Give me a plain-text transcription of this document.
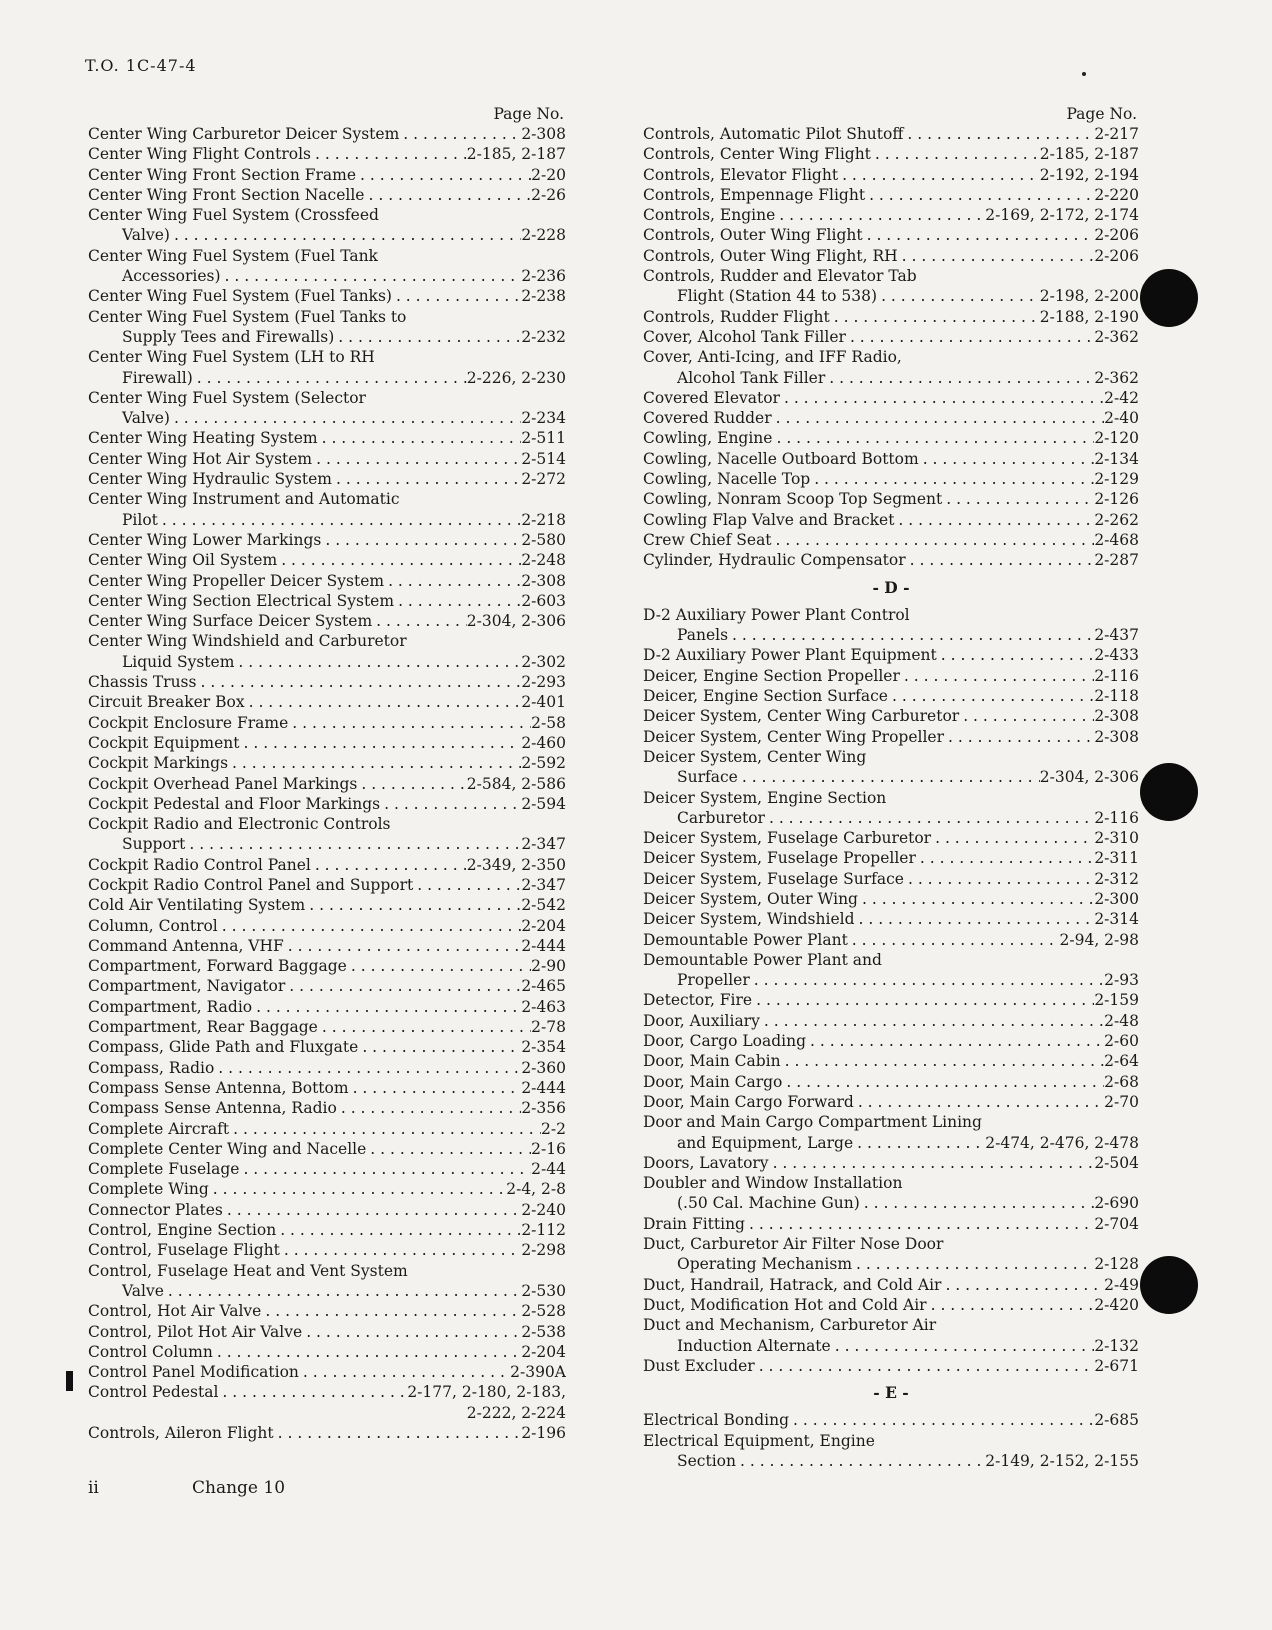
T.O. 1C-47-4
Page No.
Center Wing Carburetor Deicer System . . .	2-308
Center Wing Flight Controls . . .	2-185, 2-187
Center Wing Front Section Frame . . .	2-20
Center Wing Front Section Nacelle . . .	2-26
Center Wing Fuel System (Crossfeed
Valve) . . .	2-228
Center Wing Fuel System (Fuel Tank
Accessories) . . .	2-236
Center Wing Fuel System (Fuel Tanks) . . .	2-238
Center Wing Fuel System (Fuel Tanks to
Supply Tees and Firewalls) . . .	2-232
Center Wing Fuel System (LH to RH
Firewall) . . .	2-226, 2-230
Center Wing Fuel System (Selector
Valve) . . .	2-234
Center Wing Heating System . . .	2-511
Center Wing Hot Air System . . .	2-514
Center Wing Hydraulic System . . .	2-272
Center Wing Instrument and Automatic
Pilot . . .	2-218
Center Wing Lower Markings . . .	2-580
Center Wing Oil System . . .	2-248
Center Wing Propeller Deicer System . . .	2-308
Center Wing Section Electrical System . . .	2-603
Center Wing Surface Deicer System . . .	2-304, 2-306
Center Wing Windshield and Carburetor
Liquid System . . .	2-302
Chassis Truss . . .	2-293
Circuit Breaker Box . . .	2-401
Cockpit Enclosure Frame . . .	2-58
Cockpit Equipment . . .	2-460
Cockpit Markings . . .	2-592
Cockpit Overhead Panel Markings . . .	2-584, 2-586
Cockpit Pedestal and Floor Markings . . .	2-594
Cockpit Radio and Electronic Controls
Support . . .	2-347
Cockpit Radio Control Panel . . .	2-349, 2-350
Cockpit Radio Control Panel and Support . . .	2-347
Cold Air Ventilating System . . .	2-542
Column, Control . . .	2-204
Command Antenna, VHF . . .	2-444
Compartment, Forward Baggage . . .	2-90
Compartment, Navigator . . .	2-465
Compartment, Radio . . .	2-463
Compartment, Rear Baggage . . .	2-78
Compass, Glide Path and Fluxgate . . .	2-354
Compass, Radio . . .	2-360
Compass Sense Antenna, Bottom . . .	2-444
Compass Sense Antenna, Radio . . .	2-356
Complete Aircraft . . .	2-2
Complete Center Wing and Nacelle . . .	2-16
Complete Fuselage . . .	2-44
Complete Wing . . .	2-4, 2-8
Connector Plates . . .	2-240
Control, Engine Section . . .	2-112
Control, Fuselage Flight . . .	2-298
Control, Fuselage Heat and Vent System
Valve . . .	2-530
Control, Hot Air Valve . . .	2-528
Control, Pilot Hot Air Valve . . .	2-538
Control Column . . .	2-204
Control Panel Modification . . .	2-390A
Control Pedestal . . .	2-177, 2-180, 2-183,
2-222, 2-224
Controls, Aileron Flight . . .	2-196
Page No.
Controls, Automatic Pilot Shutoff . . .	2-217
Controls, Center Wing Flight . . .	2-185, 2-187
Controls, Elevator Flight . . .	2-192, 2-194
Controls, Empennage Flight . . .	2-220
Controls, Engine . . .	2-169, 2-172, 2-174
Controls, Outer Wing Flight . . .	2-206
Controls, Outer Wing Flight, RH . . .	2-206
Controls, Rudder and Elevator Tab
Flight (Station 44 to 538) . . .	2-198, 2-200
Controls, Rudder Flight . . .	2-188, 2-190
Cover, Alcohol Tank Filler . . .	2-362
Cover, Anti-Icing, and IFF Radio,
Alcohol Tank Filler . . .	2-362
Covered Elevator . . .	2-42
Covered Rudder . . .	2-40
Cowling, Engine . . .	2-120
Cowling, Nacelle Outboard Bottom . . .	2-134
Cowling, Nacelle Top . . .	2-129
Cowling, Nonram Scoop Top Segment . . .	2-126
Cowling Flap Valve and Bracket . . .	2-262
Crew Chief Seat . . .	2-468
Cylinder, Hydraulic Compensator . . .	2-287
- D -
D-2 Auxiliary Power Plant Control
Panels . . .	2-437
D-2 Auxiliary Power Plant Equipment . . .	2-433
Deicer, Engine Section Propeller . . .	2-116
Deicer, Engine Section Surface . . .	2-118
Deicer System, Center Wing Carburetor . . .	2-308
Deicer System, Center Wing Propeller . . .	2-308
Deicer System, Center Wing
Surface . . .	2-304, 2-306
Deicer System, Engine Section
Carburetor . . .	2-116
Deicer System, Fuselage Carburetor . . .	2-310
Deicer System, Fuselage Propeller . . .	2-311
Deicer System, Fuselage Surface . . .	2-312
Deicer System, Outer Wing . . .	2-300
Deicer System, Windshield . . .	2-314
Demountable Power Plant . . .	2-94, 2-98
Demountable Power Plant and
Propeller . . .	2-93
Detector, Fire . . .	2-159
Door, Auxiliary . . .	2-48
Door, Cargo Loading . . .	2-60
Door, Main Cabin . . .	2-64
Door, Main Cargo . . .	2-68
Door, Main Cargo Forward . . .	2-70
Door and Main Cargo Compartment Lining
and Equipment, Large . . .	2-474, 2-476, 2-478
Doors, Lavatory . . .	2-504
Doubler and Window Installation
(.50 Cal. Machine Gun) . . .	2-690
Drain Fitting . . .	2-704
Duct, Carburetor Air Filter Nose Door
Operating Mechanism . . .	2-128
Duct, Handrail, Hatrack, and Cold Air . . .	2-49
Duct, Modification Hot and Cold Air . . .	2-420
Duct and Mechanism, Carburetor Air
Induction Alternate . . .	2-132
Dust Excluder . . .	2-671
- E -
Electrical Bonding . . .	2-685
Electrical Equipment, Engine
Section . . .	2-149, 2-152, 2-155
ii	Change 10
